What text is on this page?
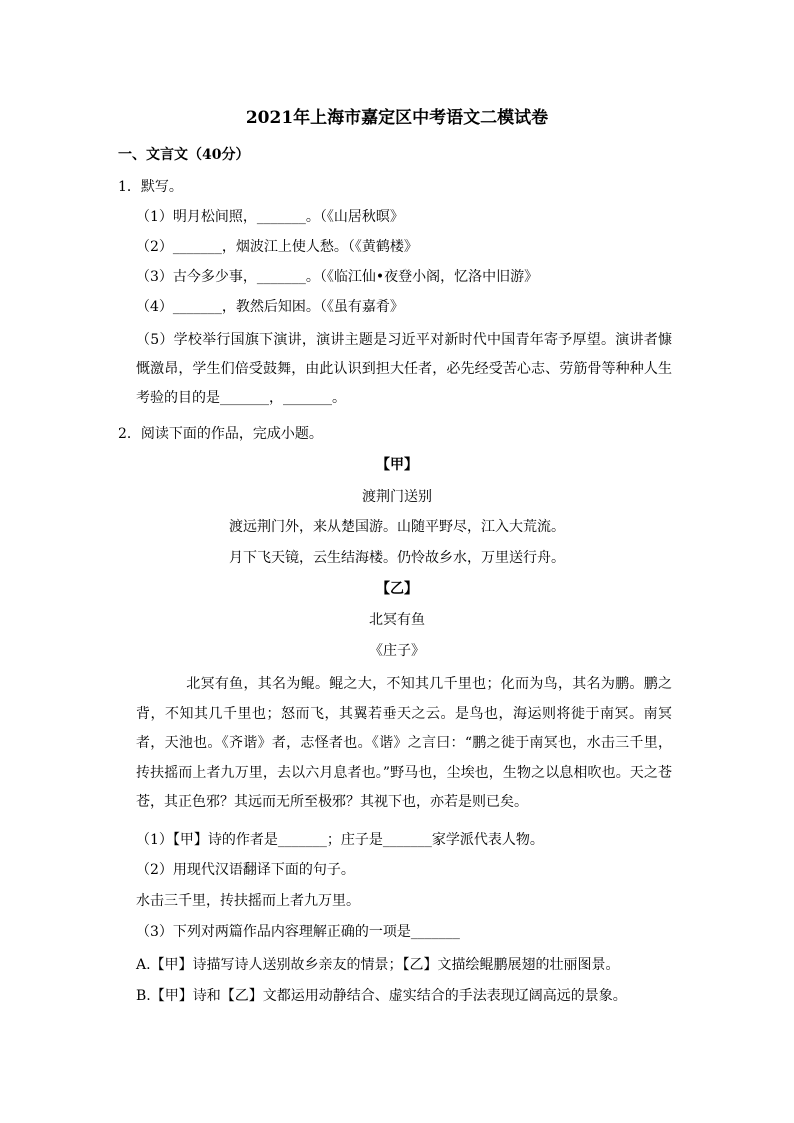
2021年上海市嘉定区中考语文二模试卷
一、文言文（40分）
1．默写。
（1）明月松间照，_______。（《山居秋暝》
（2）_______，烟波江上使人愁。（《黄鹤楼》
（3）古今多少事，_______。（《临江仙•夜登小阁，忆洛中旧游》
（4）_______，教然后知困。（《虽有嘉肴》
（5）学校举行国旗下演讲，演讲主题是习近平对新时代中国青年寄予厚望。演讲者慷慨激昂，学生们倍受鼓舞，由此认识到担大任者，必先经受苦心志、劳筋骨等种种人生考验的目的是_______，_______。
2．阅读下面的作品，完成小题。
【甲】
渡荆门送别
渡远荆门外，来从楚国游。山随平野尽，江入大荒流。
月下飞天镜，云生结海楼。仍怜故乡水，万里送行舟。
【乙】
北冥有鱼
《庄子》
北冥有鱼，其名为鲲。鲲之大，不知其几千里也；化而为鸟，其名为鹏。鹏之背，不知其几千里也；怒而飞，其翼若垂天之云。是鸟也，海运则将徙于南冥。南冥者，天池也。《齐谐》者，志怪者也。《谐》之言曰：“鹏之徙于南冥也，水击三千里，抟扶摇而上者九万里，去以六月息者也。”野马也，尘埃也，生物之以息相吹也。天之苍苍，其正色邪？其远而无所至极邪？其视下也，亦若是则已矣。
（1）【甲】诗的作者是_______；庄子是_______家学派代表人物。
（2）用现代汉语翻译下面的句子。
水击三千里，抟扶摇而上者九万里。
（3）下列对两篇作品内容理解正确的一项是_______
A.【甲】诗描写诗人送别故乡亲友的情景；【乙】文描绘鲲鹏展翅的壮丽图景。
B.【甲】诗和【乙】文都运用动静结合、虚实结合的手法表现辽阔高远的景象。
